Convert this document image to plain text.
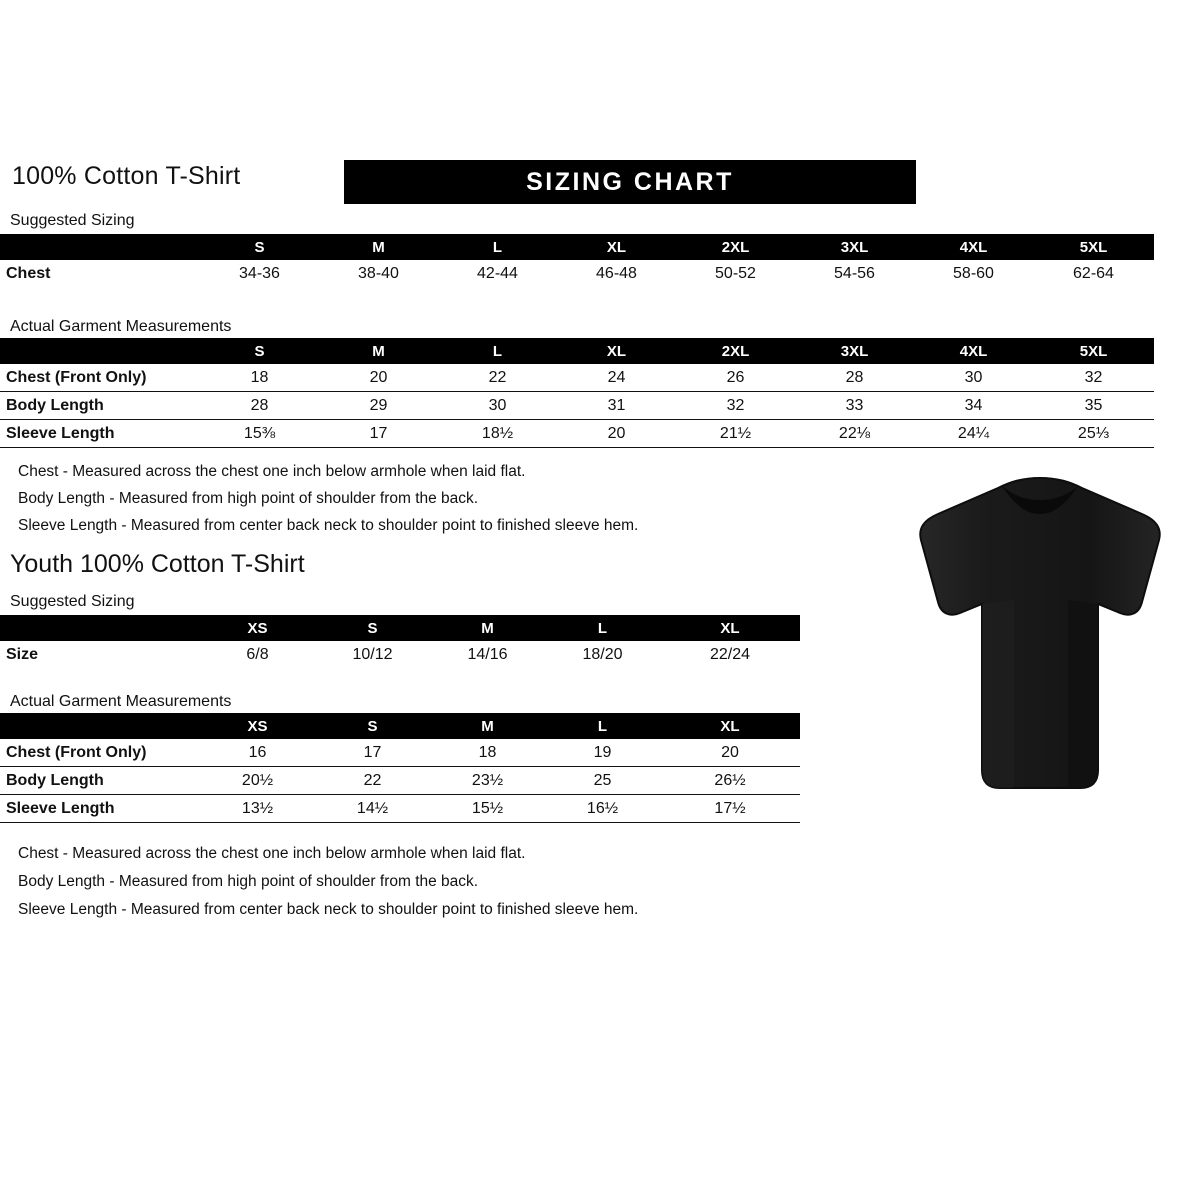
100% Cotton T-Shirt	SIZING CHART
Suggested Sizing
	S	M	L	XL	2XL	3XL	4XL	5XL
Chest	34-36	38-40	42-44	46-48	50-52	54-56	58-60	62-64
Actual Garment Measurements
	S	M	L	XL	2XL	3XL	4XL	5XL
Chest (Front Only)	18	20	22	24	26	28	30	32

Body Length	28	29	30	31	32	33	34	35

Sleeve Length	15⅜	17	18½	20	21½	22⅛	24¼	25⅓

Chest - Measured across the chest one inch below armhole when laid flat.
Body Length - Measured from high point of shoulder from the back.
Sleeve Length - Measured from center back neck to shoulder point to finished sleeve hem.
Youth 100% Cotton T-Shirt
Suggested Sizing
	XS	S	M	L	XL
Size	6/8	10/12	14/16	18/20	22/24
Actual Garment Measurements
	XS	S	M	L	XL
Chest (Front Only)	16	17	18	19	20

Body Length	20½	22	23½	25	26½

Sleeve Length	13½	14½	15½	16½	17½

Chest - Measured across the chest one inch below armhole when laid flat.
Body Length - Measured from high point of shoulder from the back.
Sleeve Length - Measured from center back neck to shoulder point to finished sleeve hem.
